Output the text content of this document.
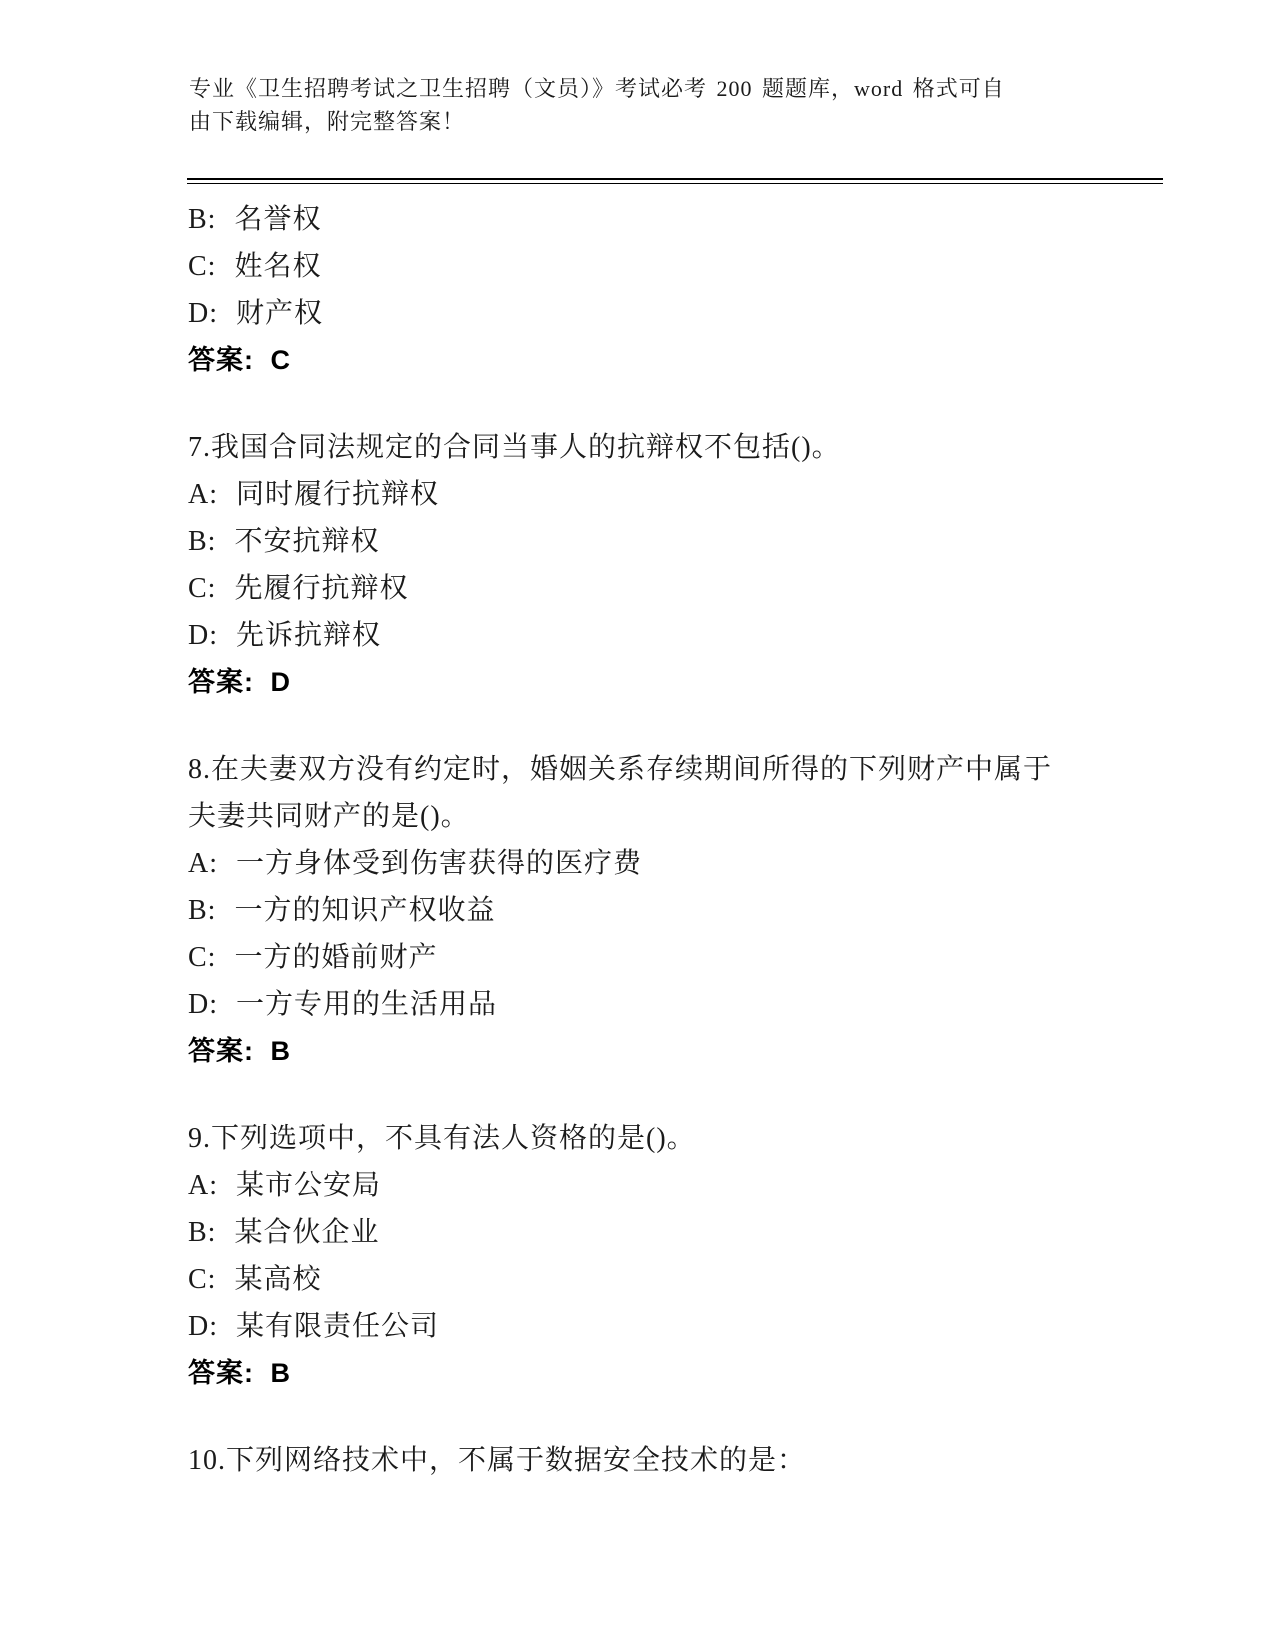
专业《卫生招聘考试之卫生招聘（文员）》考试必考 200 题题库，word 格式可自
由下载编辑，附完整答案！
B: 名誉权
C: 姓名权
D: 财产权
答案: C
7.我国合同法规定的合同当事人的抗辩权不包括()。
A: 同时履行抗辩权
B: 不安抗辩权
C: 先履行抗辩权
D: 先诉抗辩权
答案: D
8.在夫妻双方没有约定时，婚姻关系存续期间所得的下列财产中属于
夫妻共同财产的是()。
A: 一方身体受到伤害获得的医疗费
B: 一方的知识产权收益
C: 一方的婚前财产
D: 一方专用的生活用品
答案: B
9.下列选项中，不具有法人资格的是()。
A: 某市公安局
B: 某合伙企业
C: 某高校
D: 某有限责任公司
答案: B
10.下列网络技术中，不属于数据安全技术的是：
